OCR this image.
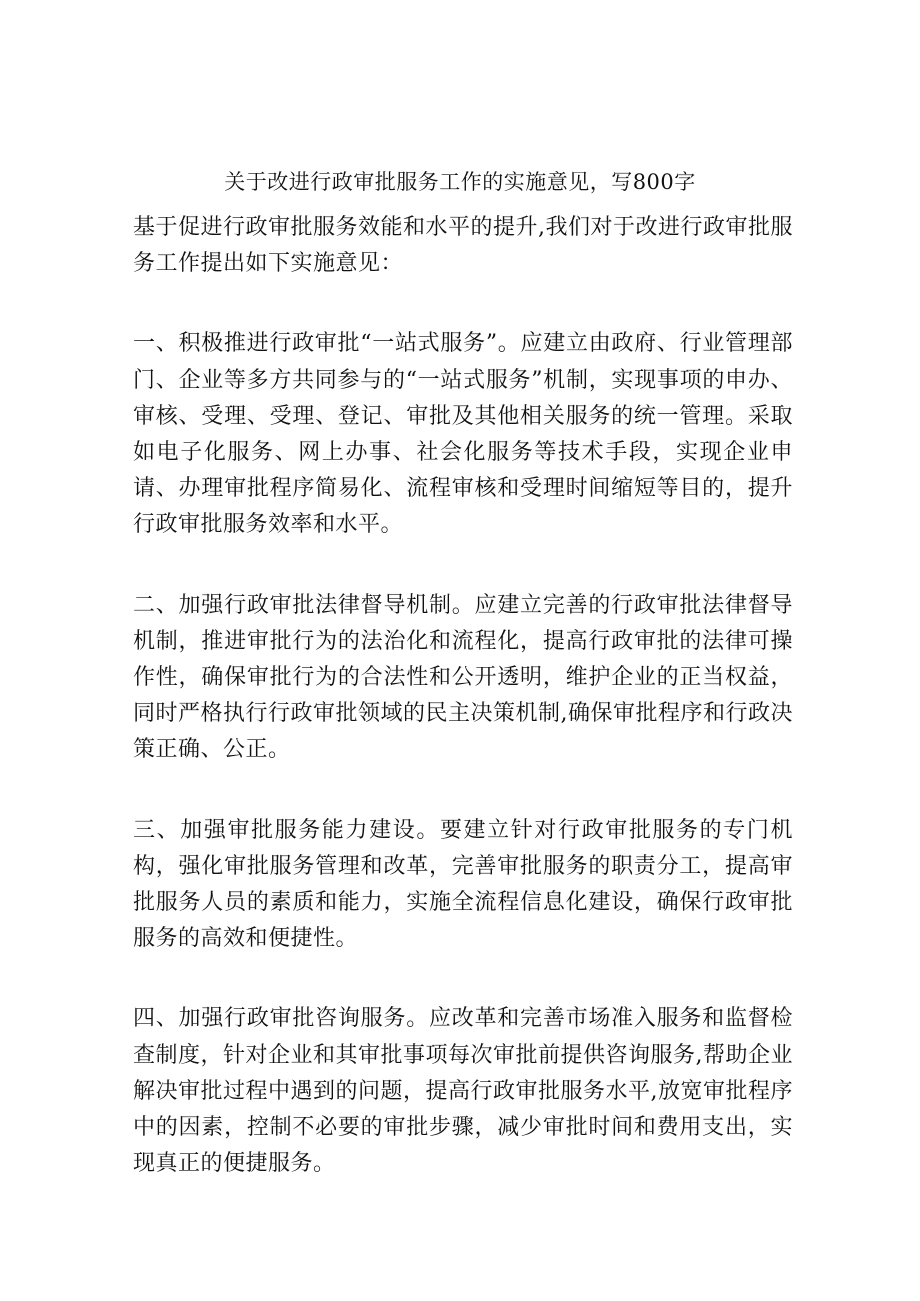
关于改进行政审批服务工作的实施意见，写800字

基于促进行政审批服务效能和水平的提升,我们对于改进行政审批服务工作提出如下实施意见：

一、积极推进行政审批“一站式服务”。应建立由政府、行业管理部门、企业等多方共同参与的“一站式服务”机制，实现事项的申办、审核、受理、受理、登记、审批及其他相关服务的统一管理。采取如电子化服务、网上办事、社会化服务等技术手段，实现企业申请、办理审批程序简易化、流程审核和受理时间缩短等目的，提升行政审批服务效率和水平。

二、加强行政审批法律督导机制。应建立完善的行政审批法律督导机制，推进审批行为的法治化和流程化，提高行政审批的法律可操作性，确保审批行为的合法性和公开透明，维护企业的正当权益，同时严格执行行政审批领域的民主决策机制,确保审批程序和行政决策正确、公正。

三、加强审批服务能力建设。要建立针对行政审批服务的专门机构，强化审批服务管理和改革，完善审批服务的职责分工，提高审批服务人员的素质和能力，实施全流程信息化建设，确保行政审批服务的高效和便捷性。

四、加强行政审批咨询服务。应改革和完善市场准入服务和监督检查制度，针对企业和其审批事项每次审批前提供咨询服务,帮助企业解决审批过程中遇到的问题，提高行政审批服务水平,放宽审批程序中的因素，控制不必要的审批步骤，减少审批时间和费用支出，实现真正的便捷服务。
